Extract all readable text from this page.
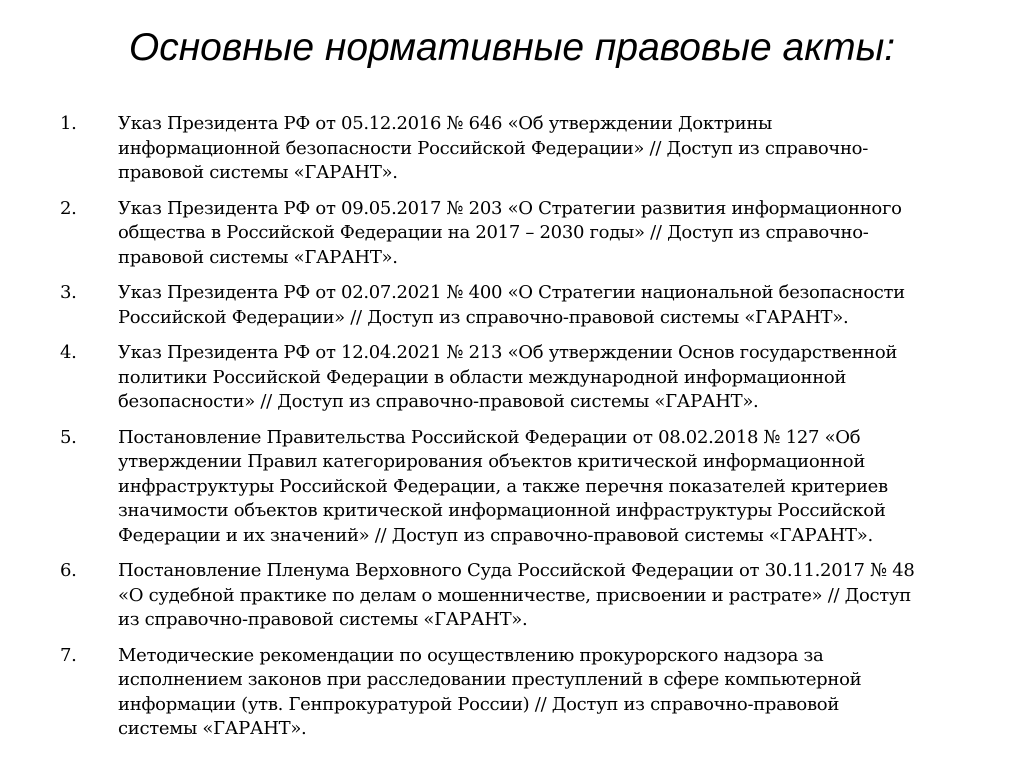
Основные нормативные правовые акты:
1.	Указ Президента РФ от 05.12.2016 № 646 «Об утверждении Доктрины
информационной безопасности Российской Федерации» // Доступ из справочно-
правовой системы «ГАРАНТ».
2.	Указ Президента РФ от 09.05.2017 № 203 «О Стратегии развития информационного
общества в Российской Федерации на 2017 – 2030 годы» // Доступ из справочно-
правовой системы «ГАРАНТ».
3.	Указ Президента РФ от 02.07.2021 № 400 «О Стратегии национальной безопасности
Российской Федерации» // Доступ из справочно-правовой системы «ГАРАНТ».
4.	Указ Президента РФ от 12.04.2021 № 213 «Об утверждении Основ государственной
политики Российской Федерации в области международной информационной
безопасности» // Доступ из справочно-правовой системы «ГАРАНТ».
5.	Постановление Правительства Российской Федерации от 08.02.2018 № 127 «Об
утверждении Правил категорирования объектов критической информационной
инфраструктуры Российской Федерации, а также перечня показателей критериев
значимости объектов критической информационной инфраструктуры Российской
Федерации и их значений» // Доступ из справочно-правовой системы «ГАРАНТ».
6.	Постановление Пленума Верховного Суда Российской Федерации от 30.11.2017 № 48
«О судебной практике по делам о мошенничестве, присвоении и растрате» // Доступ
из справочно-правовой системы «ГАРАНТ».
7.	Методические рекомендации по осуществлению прокурорского надзора за
исполнением законов при расследовании преступлений в сфере компьютерной
информации (утв. Генпрокуратурой России) // Доступ из справочно-правовой
системы «ГАРАНТ».
